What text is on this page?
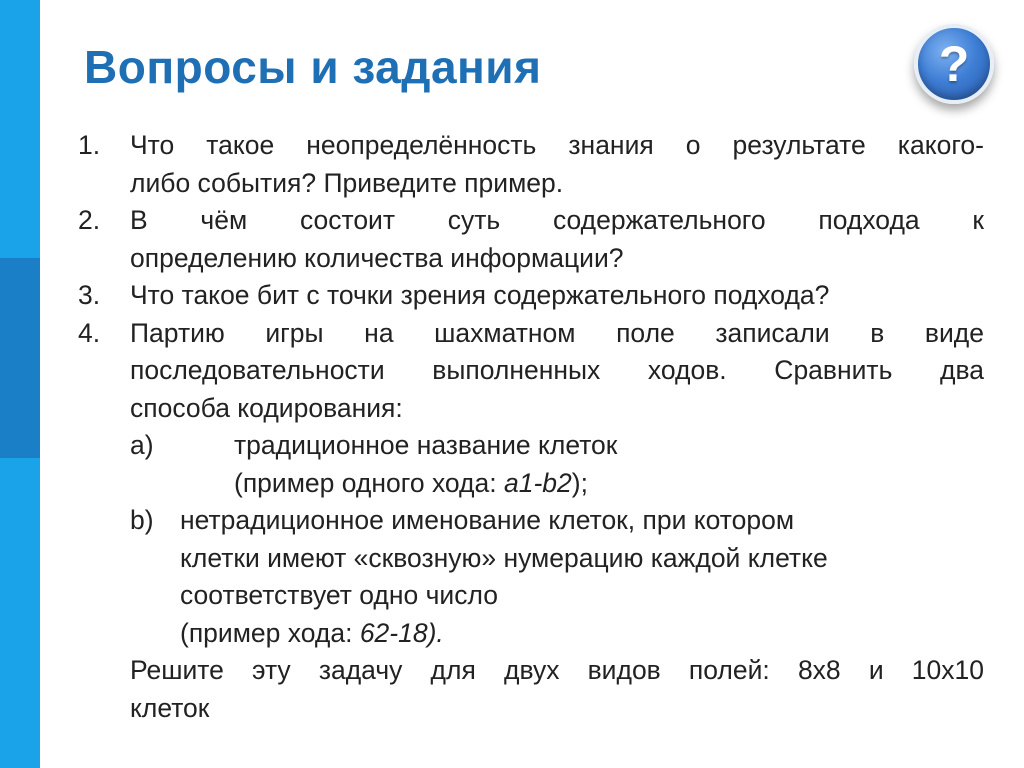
Вопросы и задания	?
1.	Что такое неопределённость знания о результате какого-
либо события? Приведите пример.
2.	В чём состоит суть содержательного подхода к
определению количества информации?
3.	Что такое бит с точки зрения содержательного подхода?
4.	Партию игры на шахматном поле записали в виде
последовательности выполненных ходов. Сравнить два
способа кодирования:
a)	традиционное название клеток
(пример одного хода: a1-b2);
b) нетрадиционное именование клеток, при котором
клетки имеют «сквозную» нумерацию каждой клетке
соответствует одно число
(пример хода: 62-18).
Решите эту задачу для двух видов полей: 8х8 и 10х10
клеток
